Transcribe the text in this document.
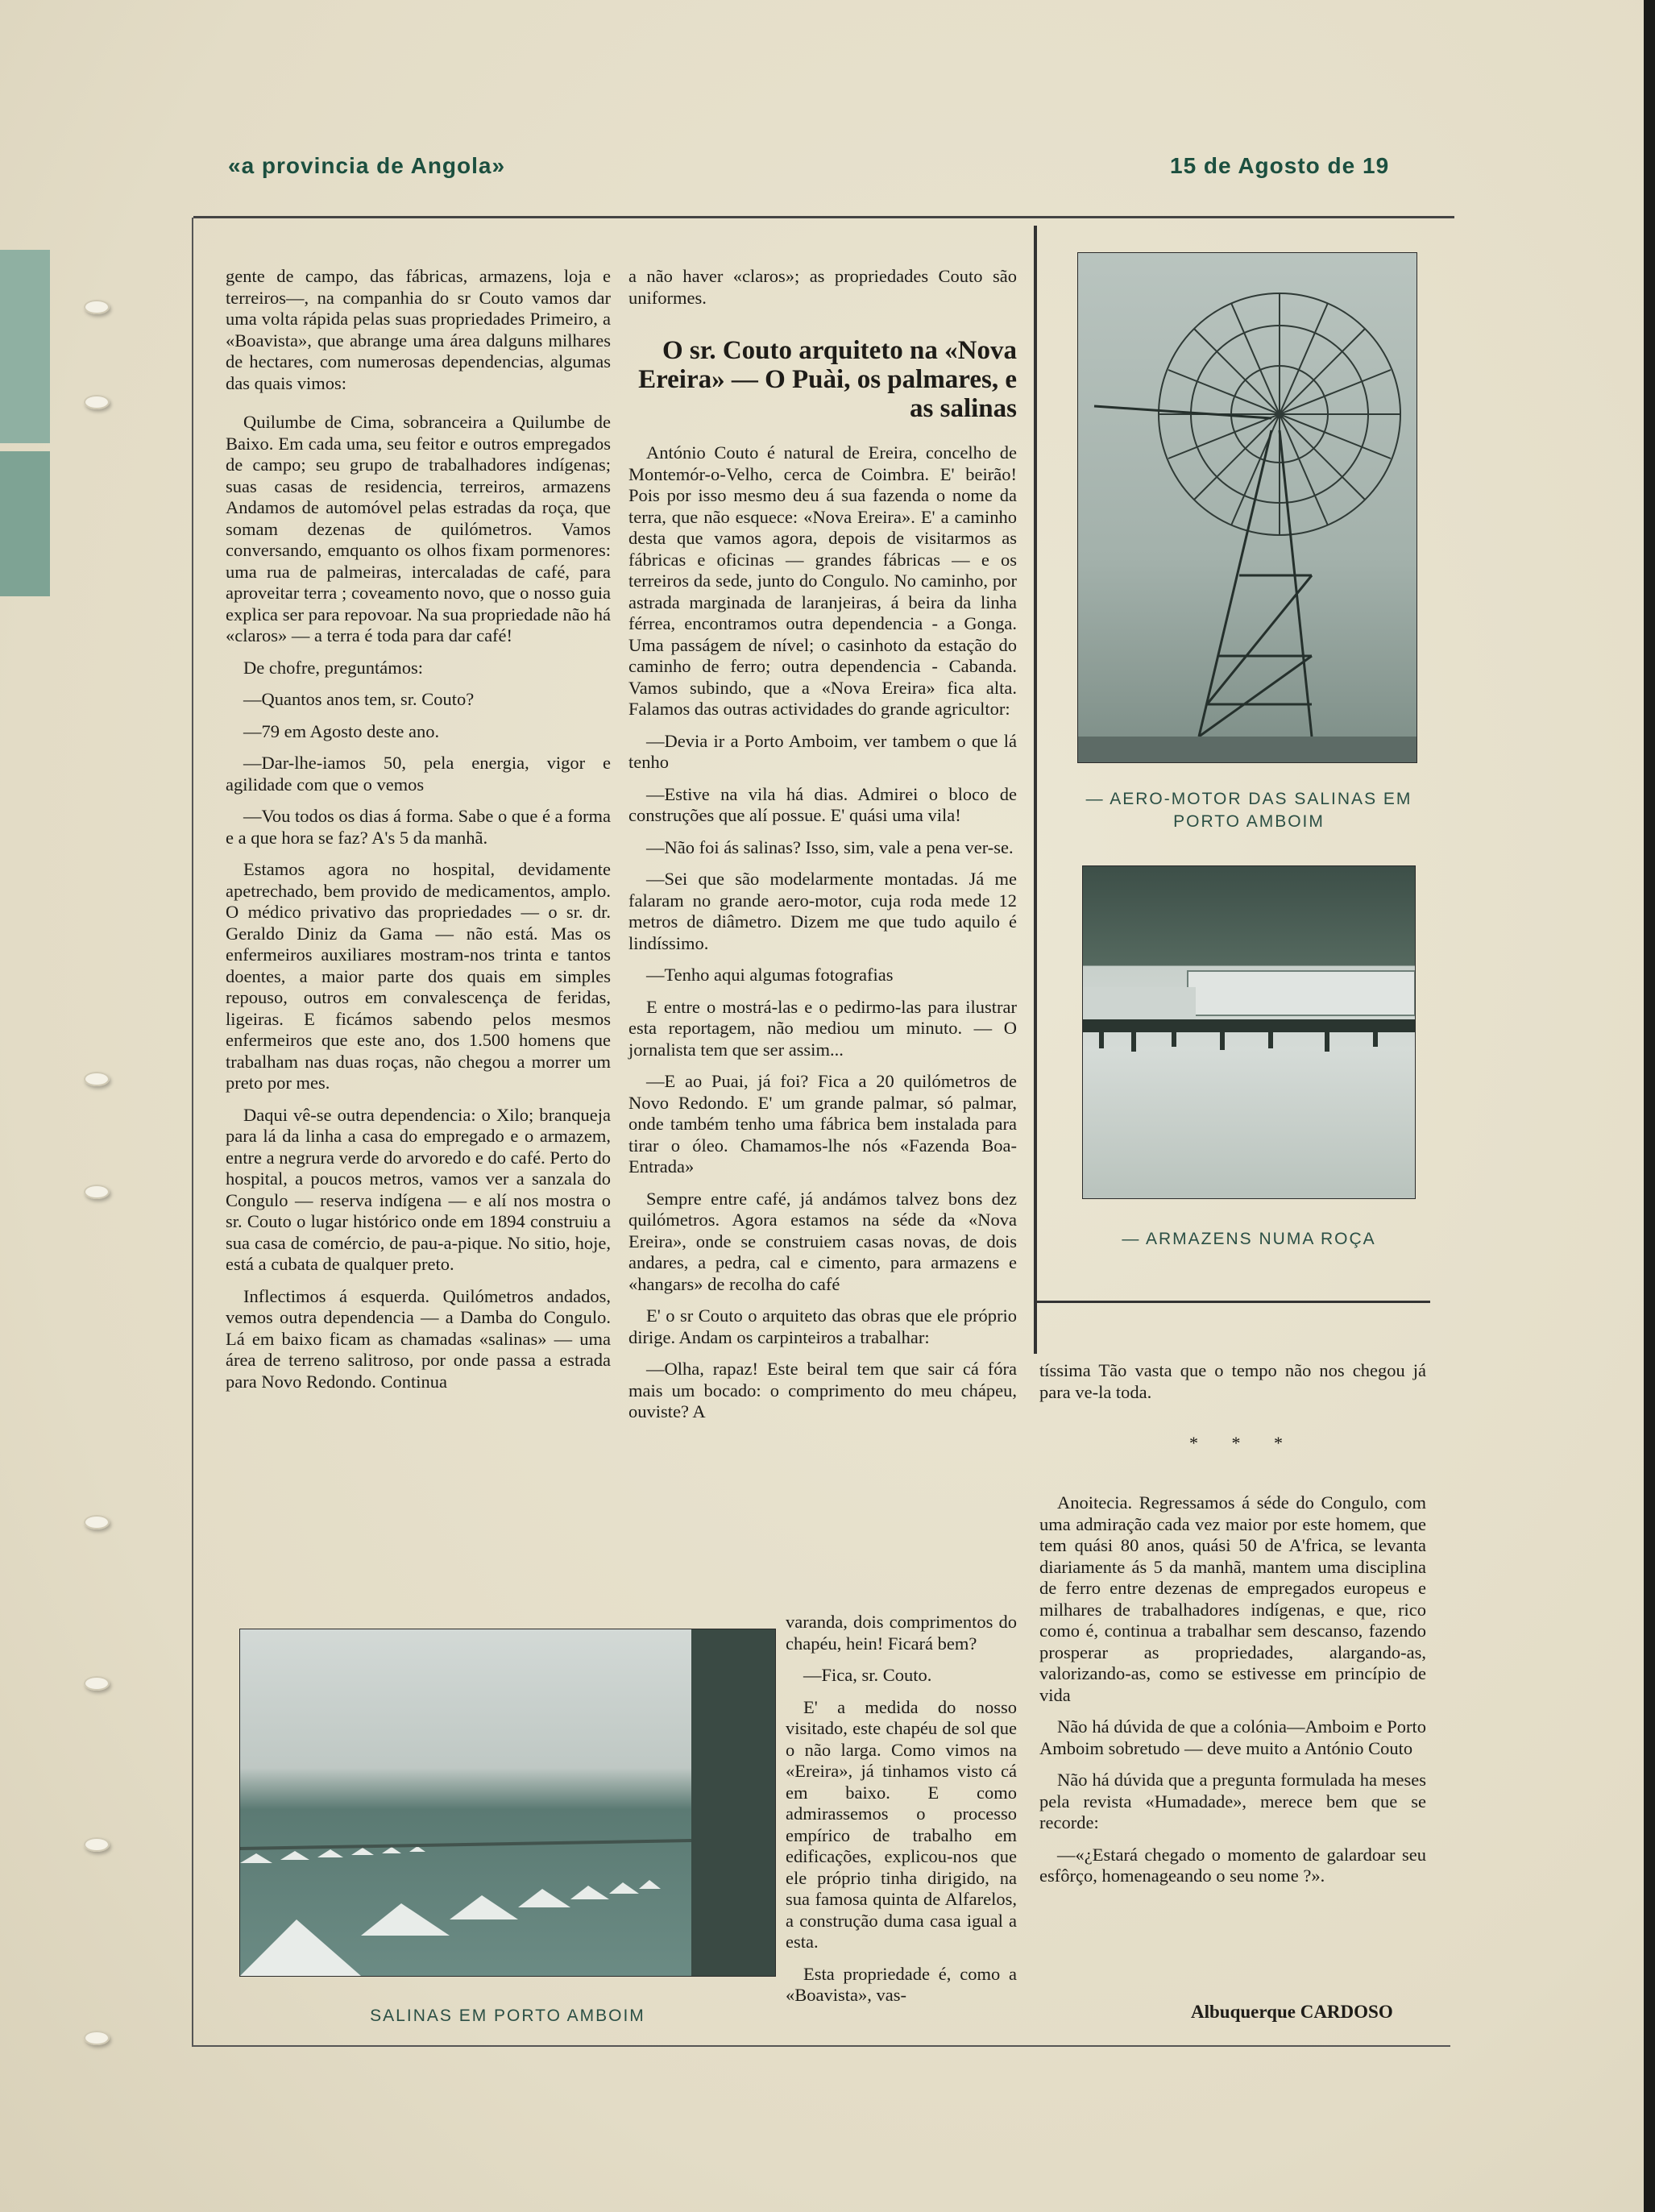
«a provincia de Angola»	15 de Agosto de 19

gente de campo, das fábricas, armazens, loja e terreiros—, na companhia do sr Couto vamos dar uma volta rápida pelas suas propriedades Primeiro, a «Boavista», que abrange uma área dalguns milhares de hectares, com numerosas dependencias, algumas das quais vimos:

Quilumbe de Cima, sobranceira a Quilumbe de Baixo. Em cada uma, seu feitor e outros empregados de campo; seu grupo de trabalhadores indígenas; suas casas de residencia, terreiros, armazens Andamos de automóvel pelas estradas da roça, que somam dezenas de quilómetros. Vamos conversando, emquanto os olhos fixam pormenores: uma rua de palmeiras, intercaladas de café, para aproveitar terra ; coveamento novo, que o nosso guia explica ser para repovoar. Na sua propriedade não há «claros» — a terra é toda para dar café!

De chofre, preguntámos:

—Quantos anos tem, sr. Couto?

—79 em Agosto deste ano.

—Dar-lhe-iamos 50, pela energia, vigor e agilidade com que o vemos

—Vou todos os dias á forma. Sabe o que é a forma e a que hora se faz? A's 5 da manhã.

Estamos agora no hospital, devidamente apetrechado, bem provido de medicamentos, amplo. O médico privativo das propriedades — o sr. dr. Geraldo Diniz da Gama — não está. Mas os enfermeiros auxiliares mostram-nos trinta e tantos doentes, a maior parte dos quais em simples repouso, outros em convalescença de feridas, ligeiras. E ficámos sabendo pelos mesmos enfermeiros que este ano, dos 1.500 homens que trabalham nas duas roças, não chegou a morrer um preto por mes.

Daqui vê-se outra dependencia: o Xilo; branqueja para lá da linha a casa do empregado e o armazem, entre a negrura verde do arvoredo e do café. Perto do hospital, a poucos metros, vamos ver a sanzala do Congulo — reserva indígena — e alí nos mostra o sr. Couto o lugar histórico onde em 1894 construiu a sua casa de comércio, de pau-a-pique. No sitio, hoje, está a cubata de qualquer preto.

Inflectimos á esquerda. Quilómetros andados, vemos outra dependencia — a Damba do Congulo. Lá em baixo ficam as chamadas «salinas» — uma área de terreno salitroso, por onde passa a estrada para Novo Redondo. Continua

a não haver «claros»; as propriedades Couto são uniformes.

O sr. Couto arquiteto na «Nova Ereira» — O Puài, os palmares, e as salinas

António Couto é natural de Ereira, concelho de Montemór-o-Velho, cerca de Coimbra. E' beirão! Pois por isso mesmo deu á sua fazenda o nome da terra, que não esquece: «Nova Ereira». E' a caminho desta que vamos agora, depois de visitarmos as fábricas e oficinas — grandes fábricas — e os terreiros da sede, junto do Congulo. No caminho, por astrada marginada de laranjeiras, á beira da linha férrea, encontramos outra dependencia - a Gonga. Uma passágem de nível; o casinhoto da estação do caminho de ferro; outra dependencia - Cabanda. Vamos subindo, que a «Nova Ereira» fica alta. Falamos das outras actividades do grande agricultor:

—Devia ir a Porto Amboim, ver tambem o que lá tenho

—Estive na vila há dias. Admirei o bloco de construções que alí possue. E' quási uma vila!

—Não foi ás salinas? Isso, sim, vale a pena ver-se.

—Sei que são modelarmente montadas. Já me falaram no grande aero-motor, cuja roda mede 12 metros de diâmetro. Dizem me que tudo aquilo é lindíssimo.

—Tenho aqui algumas fotografias

E entre o mostrá-las e o pedirmo-las para ilustrar esta reportagem, não mediou um minuto. — O jornalista tem que ser assim...

—E ao Puai, já foi? Fica a 20 quilómetros de Novo Redondo. E' um grande palmar, só palmar, onde também tenho uma fábrica bem instalada para tirar o óleo. Chamamos-lhe nós «Fazenda Boa-Entrada»

Sempre entre café, já andámos talvez bons dez quilómetros. Agora estamos na séde da «Nova Ereira», onde se construiem casas novas, de dois andares, a pedra, cal e cimento, para armazens e «hangars» de recolha do café

E' o sr Couto o arquiteto das obras que ele próprio dirige. Andam os carpinteiros a trabalhar:

—Olha, rapaz! Este beiral tem que sair cá fóra mais um bocado: o comprimento do meu chápeu, ouviste? A

varanda, dois comprimentos do chapéu, hein! Ficará bem?

—Fica, sr. Couto.

E' a medida do nosso visitado, este chapéu de sol que o não larga. Como vimos na «Ereira», já tinhamos visto cá em baixo. E como admirassemos o processo empírico de trabalho em edificações, explicou-nos que ele próprio tinha dirigido, na sua famosa quinta de Alfarelos, a construção duma casa igual a esta.

Esta propriedade é, como a «Boavista», vas-

tíssima Tão vasta que o tempo não nos chegou já para ve-la toda.

* * *

Anoitecia. Regressamos á séde do Congulo, com uma admiração cada vez maior por este homem, que tem quási 80 anos, quási 50 de A'frica, se levanta diariamente ás 5 da manhã, mantem uma disciplina de ferro entre dezenas de empregados europeus e milhares de trabalhadores indígenas, e que, rico como é, continua a trabalhar sem descanso, fazendo prosperar as propriedades, alargando-as, valorizando-as, como se estivesse em princípio de vida

Não há dúvida de que a colónia—Amboim e Porto Amboim sobretudo — deve muito a António Couto

Não há dúvida que a pregunta formulada ha meses pela revista «Humadade», merece bem que se recorde:

—«¿Estará chegado o momento de galardoar seu esfôrço, homenageando o seu nome ?».

Albuquerque CARDOSO
— AERO-MOTOR DAS SALINAS EM PORTO AMBOIM
— ARMAZENS NUMA ROÇA
SALINAS EM PORTO AMBOIM
